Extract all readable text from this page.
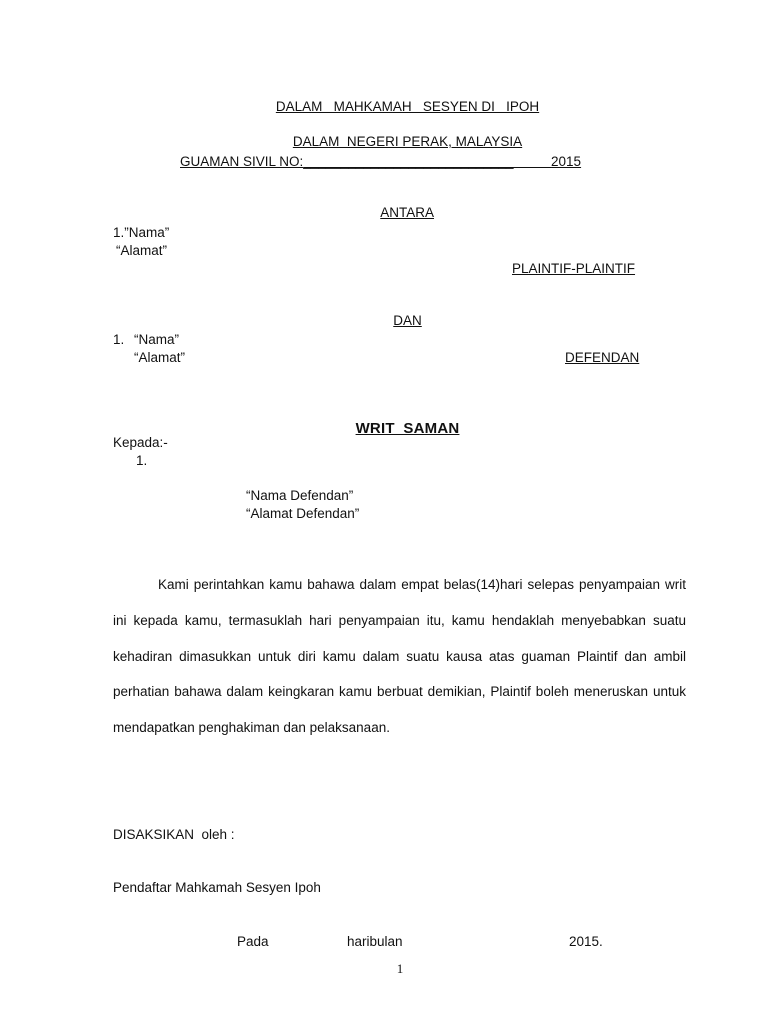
DALAM   MAHKAMAH   SESYEN DI   IPOH

DALAM  NEGERI PERAK, MALAYSIA

GUAMAN SIVIL NO:____________________________	2015

ANTARA

1.”Nama”
“Alamat”
PLAINTIF-PLAINTIF

DAN

1. “Nama”
“Alamat”	DEFENDAN

WRIT  SAMAN

Kepada:-
1.
“Nama Defendan”
“Alamat Defendan”
Kami perintahkan kamu bahawa dalam empat belas(14)hari selepas penyampaian writ ini kepada kamu, termasuklah hari penyampaian itu, kamu hendaklah menyebabkan suatu kehadiran dimasukkan untuk diri kamu dalam suatu kausa atas guaman Plaintif dan ambil perhatian bahawa dalam keingkaran kamu berbuat demikian, Plaintif boleh meneruskan untuk mendapatkan penghakiman dan pelaksanaan.
DISAKSIKAN  oleh :
Pendaftar Mahkamah Sesyen Ipoh
Pada	haribulan	2015.
1
